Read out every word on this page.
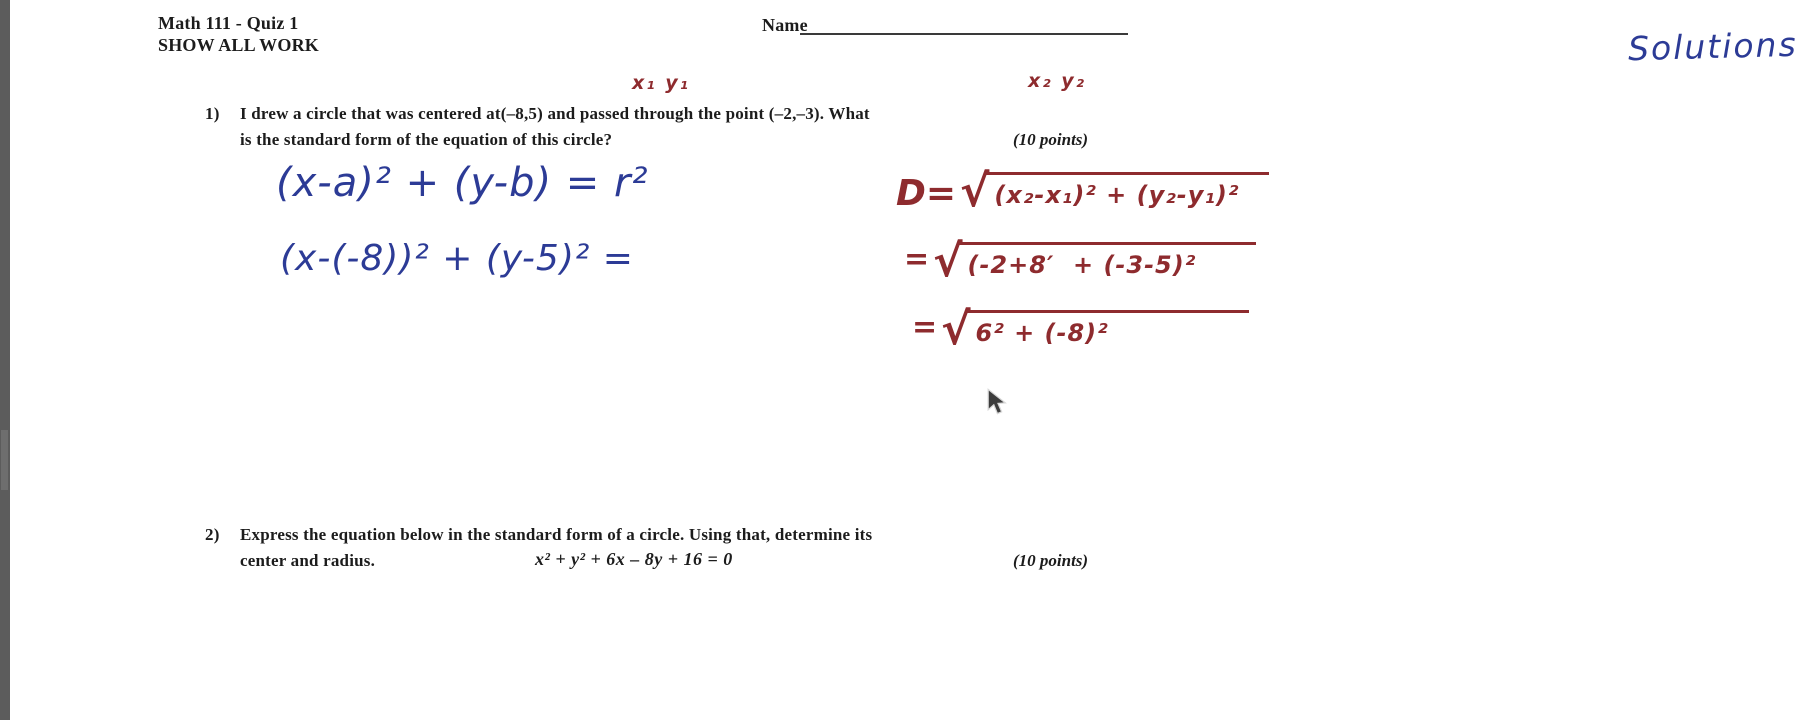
Math 111 - Quiz 1
SHOW ALL WORK
Name	Solutions
x₁ y₁	x₂ y₂
1) I drew a circle that was centered at(–8,5) and passed through the point (–2,–3). What
is the standard form of the equation of this circle?	(10 points)
(x-a)² + (y-b) = r²
(x-(-8))² + (y-5)² =
D= √ (x₂-x₁)² + (y₂-y₁)²
= √ (-2+8′  + (-3-5)²
= √ 6² + (-8)²
2) Express the equation below in the standard form of a circle. Using that, determine its
center and radius.	x² + y² + 6x – 8y + 16 = 0	(10 points)
